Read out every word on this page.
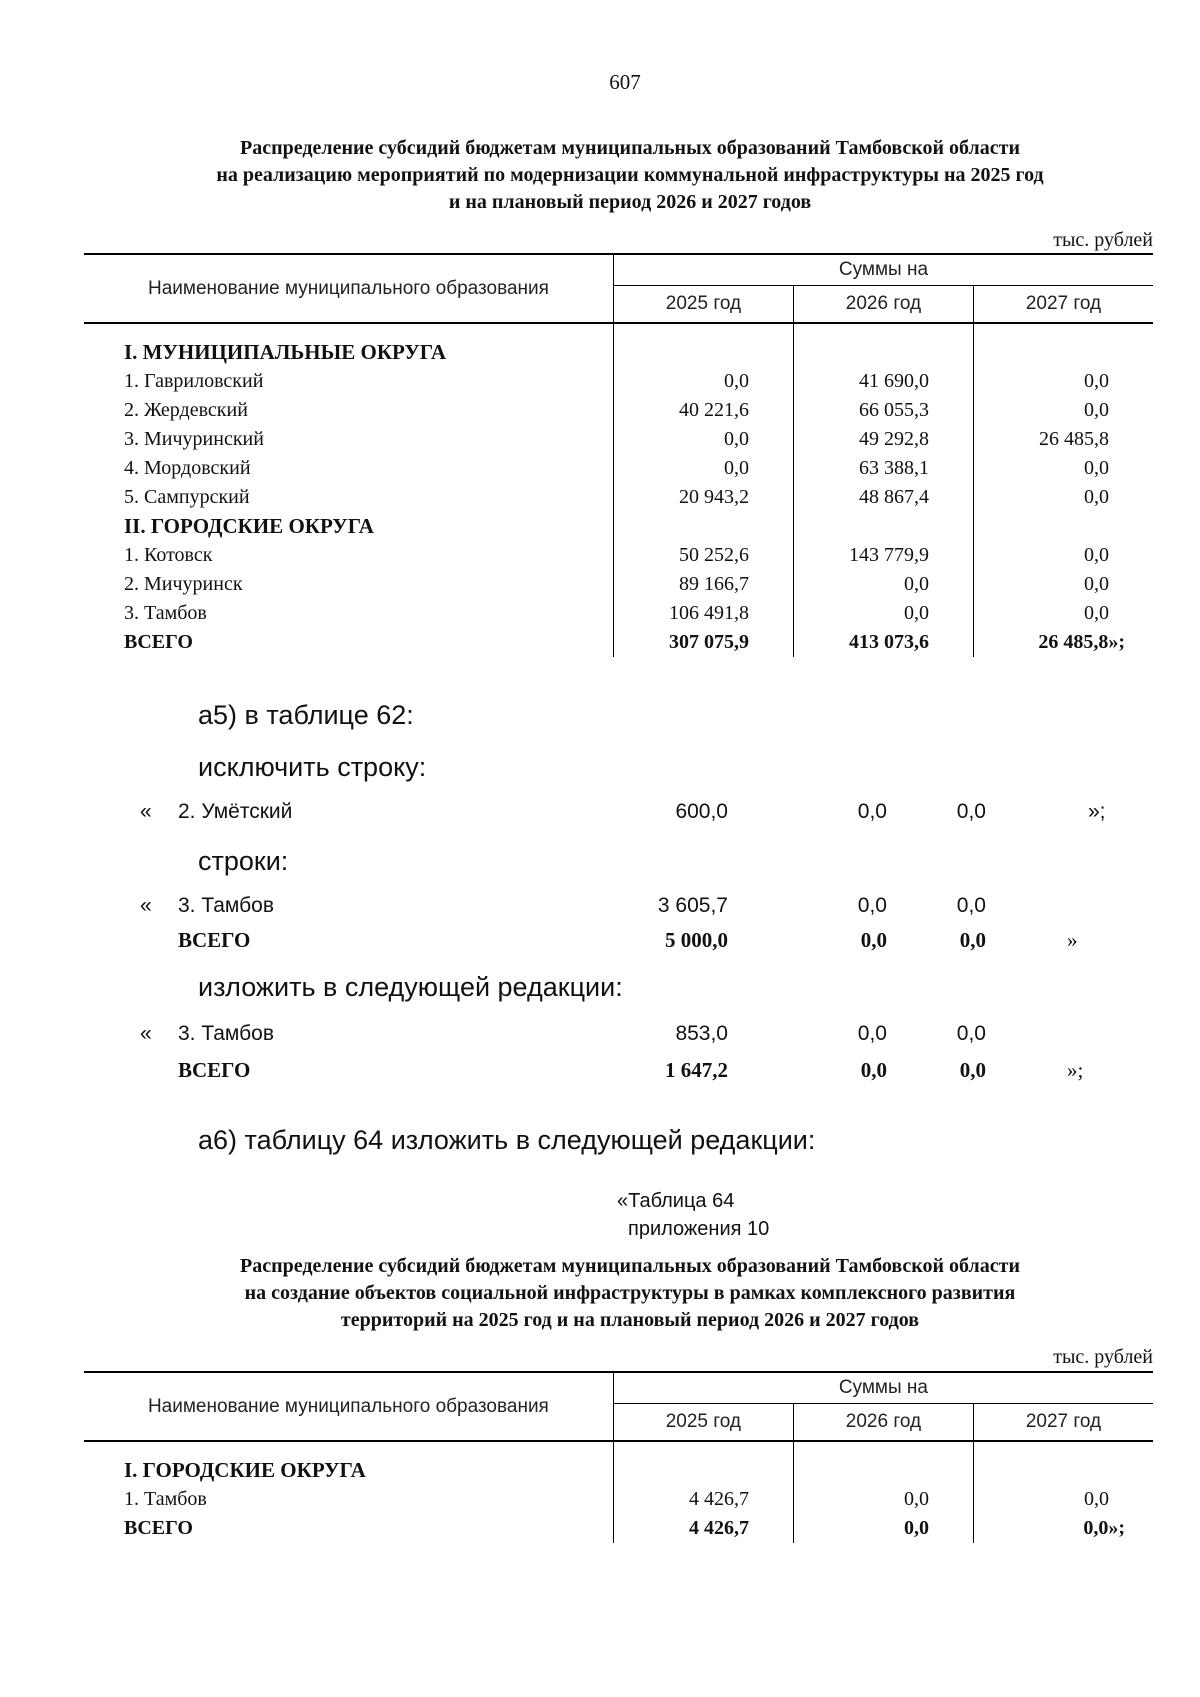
607
Распределение субсидий бюджетам муниципальных образований Тамбовской области
на реализацию мероприятий по модернизации коммунальной инфраструктуры на 2025 год
и на плановый период 2026 и 2027 годов
тыс. рублей
Наименование муниципального образования	Суммы на		
	2025 год	2026 год	2027 год

I. МУНИЦИПАЛЬНЫЕ ОКРУГА			
1. Гавриловский	0,0	41 690,0	0,0
2. Жердевский	40 221,6	66 055,3	0,0
3. Мичуринский	0,0	49 292,8	26 485,8
4. Мордовский	0,0	63 388,1	0,0
5. Сампурский	20 943,2	48 867,4	0,0
II. ГОРОДСКИЕ ОКРУГА			
1. Котовск	50 252,6	143 779,9	0,0
2. Мичуринск	89 166,7	0,0	0,0
3. Тамбов	106 491,8	0,0	0,0
ВСЕГО	307 075,9	413 073,6	26 485,8»;
а5) в таблице 62:
исключить строку:
« 2. Умётский	600,0	0,0	0,0	»;
строки:
« 3. Тамбов	3 605,7	0,0	0,0
ВСЕГО	5 000,0	0,0	0,0	»
изложить в следующей редакции:
« 3. Тамбов	853,0	0,0	0,0
ВСЕГО	1 647,2	0,0	0,0	»;
а6) таблицу 64 изложить в следующей редакции:
«Таблица 64
приложения 10
Распределение субсидий бюджетам муниципальных образований Тамбовской области
на создание объектов социальной инфраструктуры в рамках комплексного развития
территорий на 2025 год и на плановый период 2026 и 2027 годов
тыс. рублей
Наименование муниципального образования	Суммы на		
	2025 год	2026 год	2027 год

I. ГОРОДСКИЕ ОКРУГА			
1. Тамбов	4 426,7	0,0	0,0
ВСЕГО	4 426,7	0,0	0,0»;
